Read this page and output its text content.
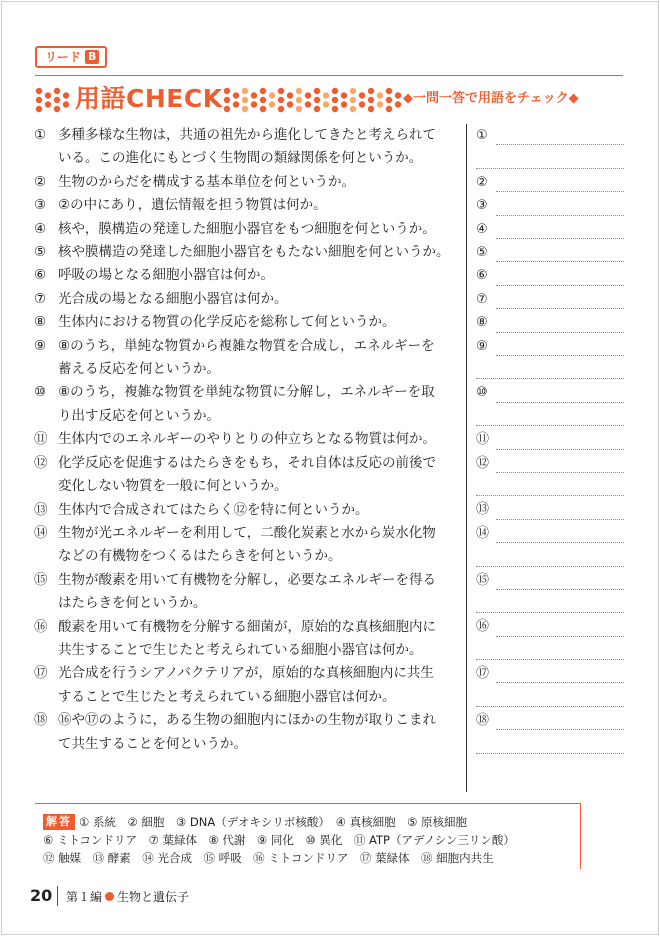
リード B
用語CHECK	◆一問一答で用語をチェック◆
① 多種多様な生物は，共通の祖先から進化してきたと考えられて
いる。この進化にもとづく生物間の類縁関係を何というか。
② 生物のからだを構成する基本単位を何というか。
③ ②の中にあり，遺伝情報を担う物質は何か。
④ 核や，膜構造の発達した細胞小器官をもつ細胞を何というか。
⑤ 核や膜構造の発達した細胞小器官をもたない細胞を何というか。
⑥ 呼吸の場となる細胞小器官は何か。
⑦ 光合成の場となる細胞小器官は何か。
⑧ 生体内における物質の化学反応を総称して何というか。
⑨ ⑧のうち，単純な物質から複雑な物質を合成し，エネルギーを
蓄える反応を何というか。
⑩ ⑧のうち，複雑な物質を単純な物質に分解し，エネルギーを取
り出す反応を何というか。
⑪ 生体内でのエネルギーのやりとりの仲立ちとなる物質は何か。
⑫ 化学反応を促進するはたらきをもち，それ自体は反応の前後で
変化しない物質を一般に何というか。
⑬ 生体内で合成されてはたらく⑫を特に何というか。
⑭ 生物が光エネルギーを利用して，二酸化炭素と水から炭水化物
などの有機物をつくるはたらきを何というか。
⑮ 生物が酸素を用いて有機物を分解し，必要なエネルギーを得る
はたらきを何というか。
⑯ 酸素を用いて有機物を分解する細菌が，原始的な真核細胞内に
共生することで生じたと考えられている細胞小器官は何か。
⑰ 光合成を行うシアノバクテリアが，原始的な真核細胞内に共生
することで生じたと考えられている細胞小器官は何か。
⑱ ⑯や⑰のように，ある生物の細胞内にほかの生物が取りこまれ
て共生することを何というか。
①
②
③
④
⑤
⑥
⑦
⑧
⑨
⑩
⑪
⑫
⑬
⑭
⑮
⑯
⑰
⑱
解答 ① 系統　② 細胞　③ DNA（デオキシリボ核酸）　④ 真核細胞　⑤ 原核細胞
⑥ ミトコンドリア　⑦ 葉緑体　⑧ 代謝　⑨ 同化　⑩ 異化　⑪ ATP（アデノシン三リン酸）
⑫ 触媒　⑬ 酵素　⑭ 光合成　⑮ 呼吸　⑯ ミトコンドリア　⑰ 葉緑体　⑱ 細胞内共生
20 第１編 生物と遺伝子
